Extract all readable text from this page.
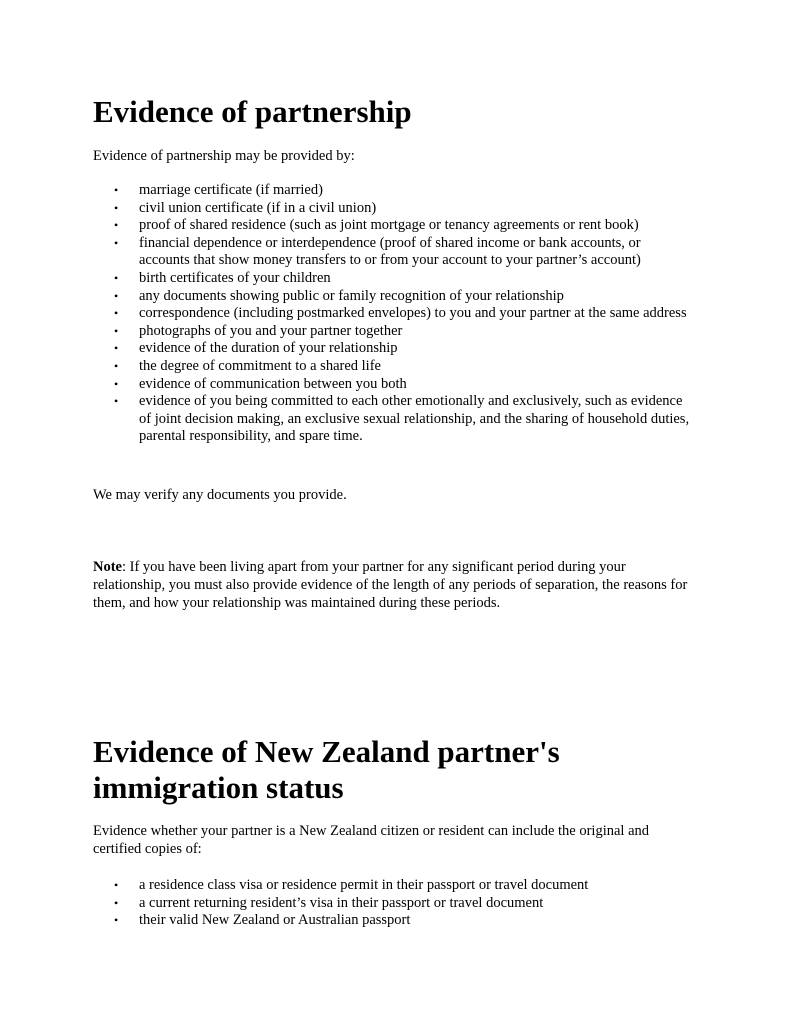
Evidence of partnership

Evidence of partnership may be provided by:

• marriage certificate (if married)
• civil union certificate (if in a civil union)
• proof of shared residence (such as joint mortgage or tenancy agreements or rent book)
• financial dependence or interdependence (proof of shared income or bank accounts, or accounts that show money transfers to or from your account to your partner’s account)
• birth certificates of your children
• any documents showing public or family recognition of your relationship
• correspondence (including postmarked envelopes) to you and your partner at the same address
• photographs of you and your partner together
• evidence of the duration of your relationship
• the degree of commitment to a shared life
• evidence of communication between you both
• evidence of you being committed to each other emotionally and exclusively, such as evidence of joint decision making, an exclusive sexual relationship, and the sharing of household duties, parental responsibility, and spare time.

We may verify any documents you provide.

Note: If you have been living apart from your partner for any significant period during your relationship, you must also provide evidence of the length of any periods of separation, the reasons for them, and how your relationship was maintained during these periods.

Evidence of New Zealand partner's immigration status

Evidence whether your partner is a New Zealand citizen or resident can include the original and certified copies of:

• a residence class visa or residence permit in their passport or travel document
• a current returning resident’s visa in their passport or travel document
• their valid New Zealand or Australian passport
